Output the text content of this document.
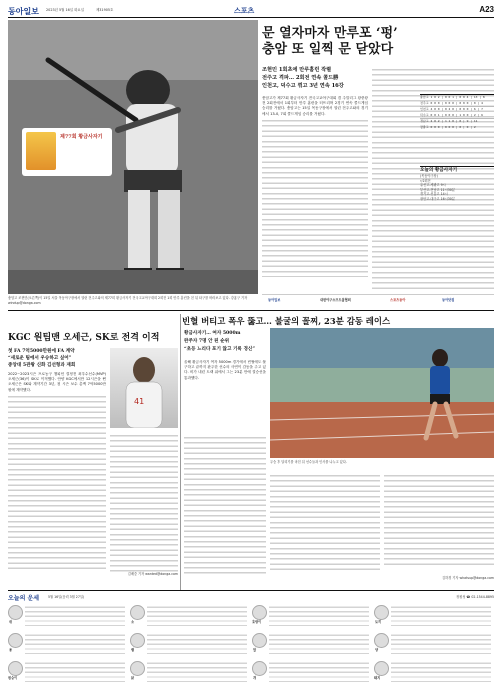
동아일보 2023년 5월 16일 화요일	제31905호	스포츠	A23
제77회 황금사자기
문 열자마자 만루포 ‘펑’
충암 또 일찍 문 닫았다
조현민 1회초에 만루홈런 작렬
전주고 격파… 2회전 연속 콜드勝
인천고, 덕수고 꺾고 3년 연속 16강

충암고가 제77회 황금사자기 전국고교야구대회 겸 주말리그 왕중왕전 2회전에서 1회부터 만루 홈런을 터뜨리며 2경기 연속 콜드게임 승리를 거뒀다. 충암고는 15일 목동구장에서 열린 전주고와의 경기에서 13-0, 7회 콜드게임 승리를 거뒀다.

충암고 조현민(오른쪽)이 15일 서울 목동야구장에서 열린 전주고와의 제77회 황금사자기 전국고교야구대회 2회전 1회 만루 홈런을 친 뒤 타구를 바라보고 있다. 강홍구 기자 windup@donga.com
충암고 1 0 2 | 0 0 1 | 0 0 4 | 13 | 8
전주고 0 0 0 | 0 0 0 | 0 0 0 | 0 | 4
인천고 4 0 0 | 0 2 0 | 0 0 0 | 6 | 7
덕수고 0 0 1 | 0 0 0 | 1 0 0 | 2 | 6
경남고 2 0 2 | 1 1 0 | 0 | 9 | 11
장충고 0 0 0 | 0 0 0 | 0 | 0 | 2
오늘의 황금사자기
(목동야구장)
▽2회전
유신고-세광고 9시
부산고-전남고 11시30분
경기고-신흥고 14시
장안고-대구고 16시30분
동아일보	대한야구소프트볼협회	스포츠동아	동아닷컴
빈혈 버티고 폭우 뚫고… 불굴의 꼴찌, 23분 감동 레이스
KGC 원팀맨 오세근, SK로 전격 이적
첫 FA 7억5000만원에 FA 계약
“새로운 팀에서 우승하고 싶어”
중앙대 5관왕 신화 김선형과 재회
41

2022~2023시즌 프로농구 챔피언 결정전 최우수선수(MVP) 오세근(36)이 SK로 이적했다. 안양 KGC에서만 12시즌을 뛴 오세근은 SK와 계약기간 3년, 첫 시즌 보수 총액 7억5000만 원에 계약했다.

김배중 기자 wanted@donga.com
황금사자기… 여자 5000m
완주자 7명 안 된 순위
“초등 느리다 포기 않고 기록 경신”

올해 황금사자기 여자 5000m 경기에서 빈혈에도 불구하고 끝까지 완주한 선수의 사연이 감동을 주고 있다. 비가 내린 트랙 위에서 그는 23분 만에 결승선을 통과했다.

우승 후 달리기를 마친 뒤 선수들과 인사를 나누고 있다.
김하경 기자 whatsup@donga.com
오늘의 운세	5월 16일(음력 3월 27일)	정원성 ☎ 02-1544-8895
쥐	소	호랑이	토끼
용	뱀	말	양
원숭이	닭	개	돼지
